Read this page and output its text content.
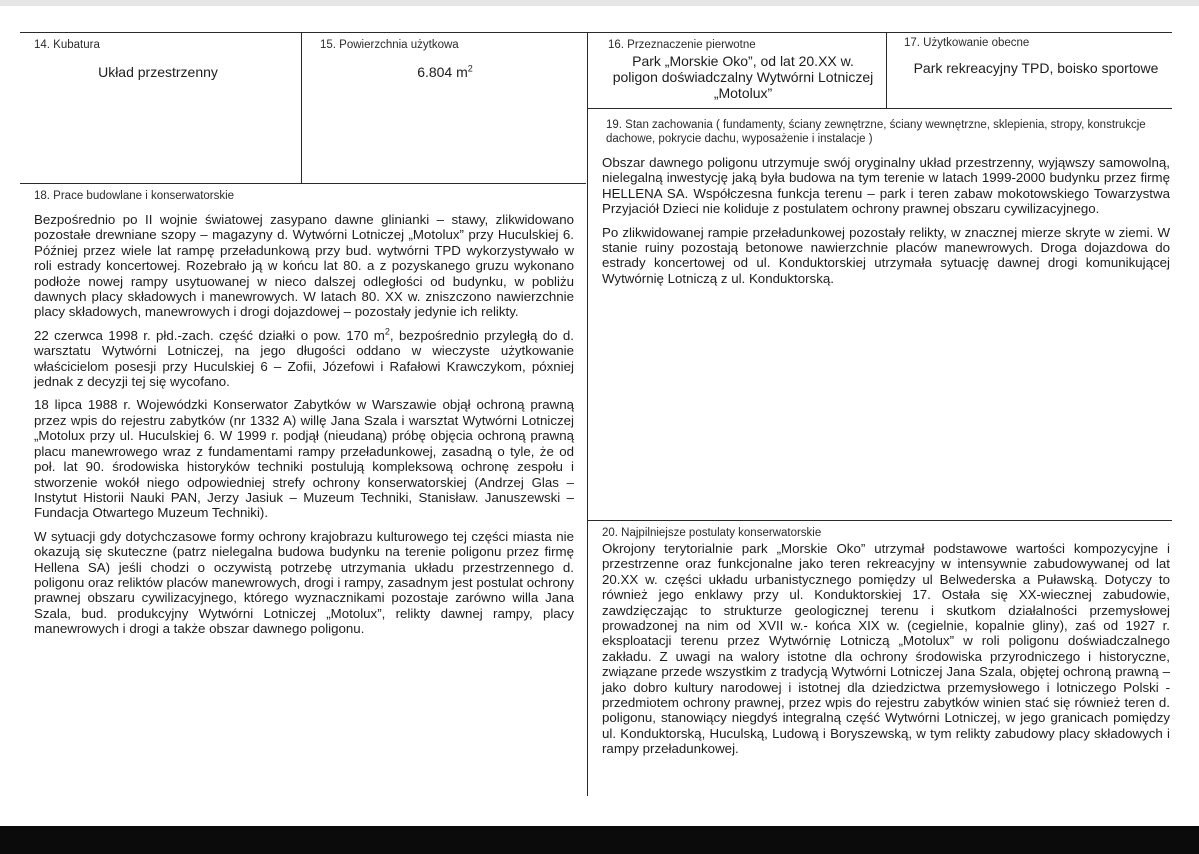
14. Kubatura
Układ przestrzenny
15. Powierzchnia użytkowa
6.804 $m^2$
16. Przeznaczenie pierwotne
Park „Morskie Oko”, od lat 20.XX w. poligon doświadczalny Wytwórni Lotniczej „Motolux”
17. Użytkowanie obecne
Park rekreacyjny TPD, boisko sportowe
18. Prace budowlane i konserwatorskie

Bezpośrednio po II wojnie światowej zasypano dawne glinianki – stawy, zlikwidowano pozostałe drewniane szopy – magazyny d. Wytwórni Lotniczej „Motolux” przy Huculskiej 6. Później przez wiele lat rampę przeładunkową przy bud. wytwórni TPD wykorzystywało w roli estrady koncertowej. Rozebrało ją w końcu lat 80. a z pozyskanego gruzu wykonano podłoże nowej rampy usytuowanej w nieco dalszej odległości od budynku, w pobliżu dawnych placy składowych i manewrowych. W latach 80. XX w. zniszczono nawierzchnie placy składowych, manewrowych i drogi dojazdowej – pozostały jedynie ich relikty.

22 czerwca 1998 r. płd.-zach. część działki o pow. 170 $m^2$, bezpośrednio przyległą do d. warsztatu Wytwórni Lotniczej, na jego długości oddano w wieczyste użytkowanie właścicielom posesji przy Huculskiej 6 – Zofii, Józefowi i Rafałowi Krawczykom, póxniej jednak z decyzji tej się wycofano.

18 lipca 1988 r. Wojewódzki Konserwator Zabytków w Warszawie objął ochroną prawną przez wpis do rejestru zabytków (nr 1332 A) willę Jana Szala i warsztat Wytwórni Lotniczej „Motolux przy ul. Huculskiej 6. W 1999 r. podjął (nieudaną) próbę objęcia ochroną prawną placu manewrowego wraz z fundamentami rampy przeładunkowej, zasadną o tyle, że od poł. lat 90. środowiska historyków techniki postulują kompleksową ochronę zespołu i stworzenie wokół niego odpowiedniej strefy ochrony konserwatorskiej (Andrzej Glas – Instytut Historii Nauki PAN, Jerzy Jasiuk – Muzeum Techniki, Stanisław. Januszewski – Fundacja Otwartego Muzeum Techniki).

W sytuacji gdy dotychczasowe formy ochrony krajobrazu kulturowego tej części miasta nie okazują się skuteczne (patrz nielegalna budowa budynku na terenie poligonu przez firmę Hellena SA) jeśli chodzi o oczywistą potrzebę utrzymania układu przestrzennego d. poligonu oraz reliktów placów manewrowych, drogi i rampy, zasadnym jest postulat ochrony prawnej obszaru cywilizacyjnego, którego wyznacznikami pozostaje zarówno willa Jana Szala, bud. produkcyjny Wytwórni Lotniczej „Motolux”, relikty dawnej rampy, placy manewrowych i drogi a także obszar dawnego poligonu.

19. Stan zachowania ( fundamenty, ściany zewnętrzne, ściany wewnętrzne, sklepienia, stropy, konstrukcje dachowe, pokrycie dachu, wyposażenie i instalacje )

Obszar dawnego poligonu utrzymuje swój oryginalny układ przestrzenny, wyjąwszy samowolną, nielegalną inwestycję jaką była budowa na tym terenie w latach 1999-2000 budynku przez firmę HELLENA SA. Współczesna funkcja terenu – park i teren zabaw mokotowskiego Towarzystwa Przyjaciół Dzieci nie koliduje z postulatem ochrony prawnej obszaru cywilizacyjnego.

Po zlikwidowanej rampie przeładunkowej pozostały relikty, w znacznej mierze skryte w ziemi. W stanie ruiny pozostają betonowe nawierzchnie placów manewrowych. Droga dojazdowa do estrady koncertowej od ul. Konduktorskiej utrzymała sytuację dawnej drogi komunikującej Wytwórnię Lotniczą z ul. Konduktorską.

20. Najpilniejsze postulaty konserwatorskie

Okrojony terytorialnie park „Morskie Oko” utrzymał podstawowe wartości kompozycyjne i przestrzenne oraz funkcjonalne jako teren rekreacyjny w intensywnie zabudowywanej od lat 20.XX w. części układu urbanistycznego pomiędzy ul Belwederska a Puławską. Dotyczy to również jego enklawy przy ul. Konduktorskiej 17. Ostała się XX-wiecznej zabudowie, zawdzięczając to strukturze geologicznej terenu i skutkom działalności przemysłowej prowadzonej na nim od XVII w.- końca XIX w. (cegielnie, kopalnie gliny), zaś od 1927 r. eksploatacji terenu przez Wytwórnię Lotniczą „Motolux” w roli poligonu doświadczalnego zakładu. Z uwagi na walory istotne dla ochrony środowiska przyrodniczego i historyczne, związane przede wszystkim z tradycją Wytwórni Lotniczej Jana Szala, objętej ochroną prawną – jako dobro kultury narodowej i istotnej dla dziedzictwa przemysłowego i lotniczego Polski - przedmiotem ochrony prawnej, przez wpis do rejestru zabytków winien stać się również teren d. poligonu, stanowiący niegdyś integralną część Wytwórni Lotniczej, w jego granicach pomiędzy ul. Konduktorską, Huculską, Ludową i Boryszewską, w tym relikty zabudowy placy składowych i rampy przeładunkowej.
